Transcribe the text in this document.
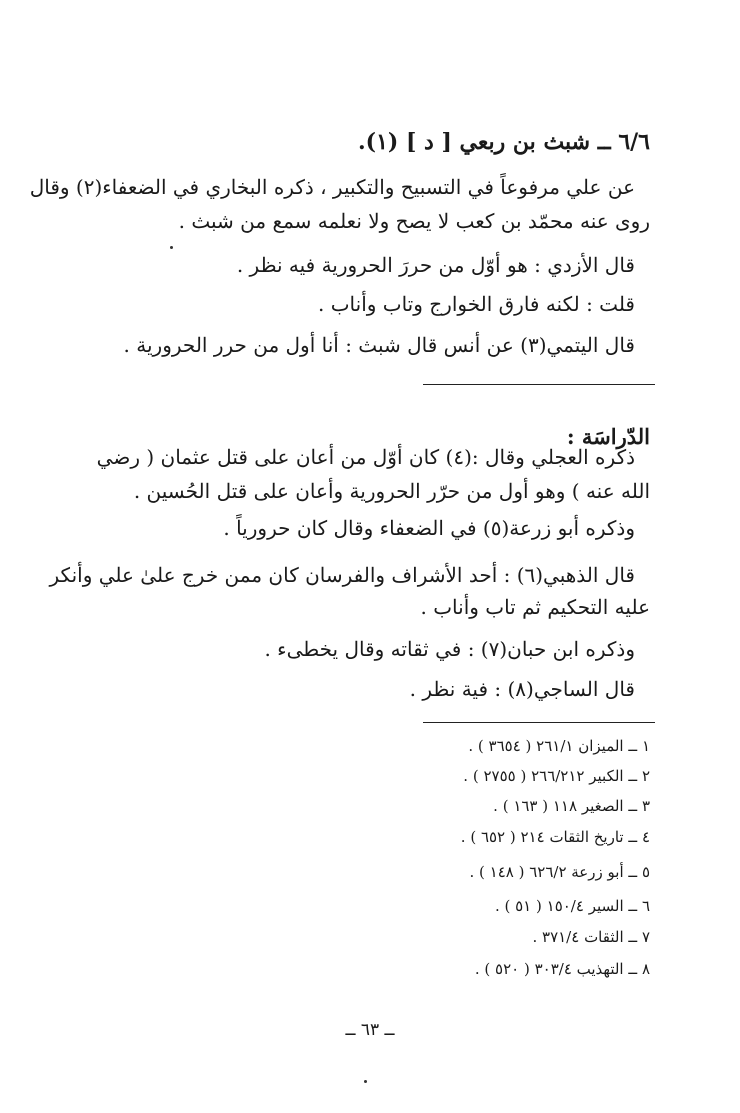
٦/٦ ــ شبث بن ربعي [ د ] (١).
عن علي مرفوعاً في التسبيح والتكبير ، ذكره البخاري في الضعفاء(٢) وقال
روى عنه محمّد بن كعب لا يصح ولا نعلمه سمع من شبث .
قال الأزدي : هو أوّل من حررَ الحرورية فيه نظر .
قلت : لكنه فارق الخوارج وتاب وأناب .
قال اليتمي(٣) عن أنس قال شبث : أنا أول من حرر الحرورية .
الدّراسَة :
ذكره العجلي وقال :(٤) كان أوّل من أعان على قتل عثمان ( رضي
الله عنه ) وهو أول من حرّر الحرورية وأعان على قتل الحُسين .
وذكره أبو زرعة(٥) في الضعفاء وقال كان حرورياً .
قال الذهبي(٦) : أحد الأشراف والفرسان كان ممن خرج علىٰ علي وأنكر
عليه التحكيم ثم تاب وأناب .
وذكره ابن حبان(٧) : في ثقاته وقال يخطىء .
قال الساجي(٨) : فية نظر .
١ ــ الميزان ٢٦١/١ ( ٣٦٥٤ ) .
٢ ــ الكبير ٢٦٦/٢١٢ ( ٢٧٥٥ ) .
٣ ــ الصغير ١١٨ ( ١٦٣ ) .
٤ ــ تاريخ الثقات ٢١٤ ( ٦٥٢ ) .
٥ ــ أبو زرعة ٦٢٦/٢ ( ١٤٨ ) .
٦ ــ السير ١٥٠/٤ ( ٥١ ) .
٧ ــ الثقات ٣٧١/٤ .
٨ ــ التهذيب ٣٠٣/٤ ( ٥٢٠ ) .
ــ ٦٣ ــ
